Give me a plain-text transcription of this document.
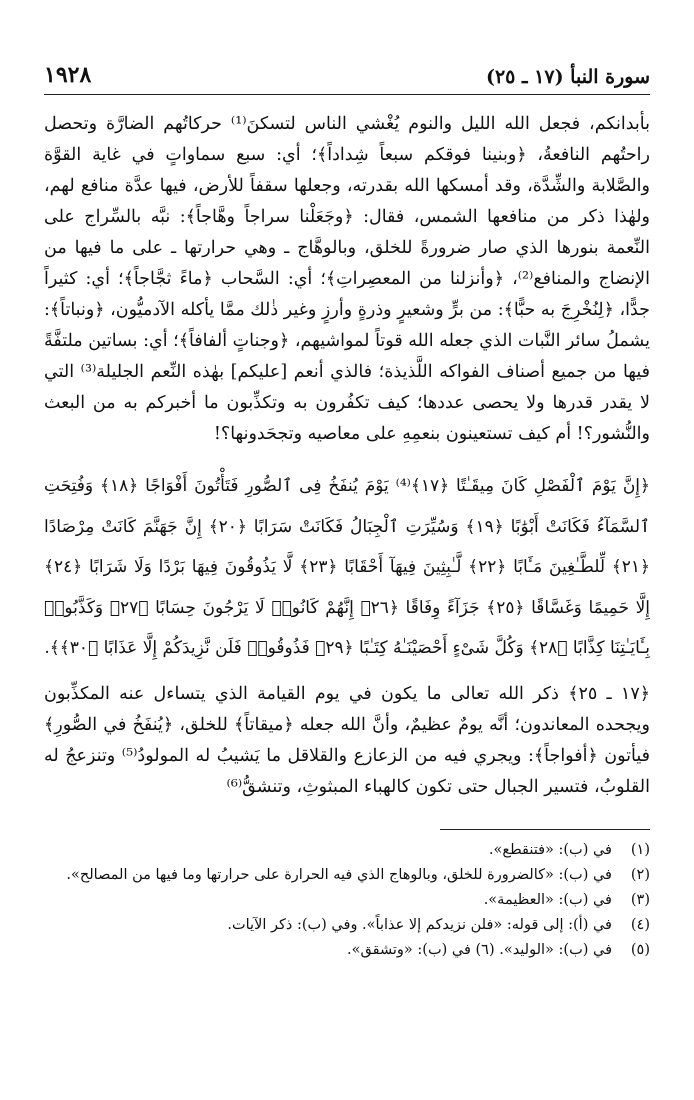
سورة النبأ (١٧ ـ ٢٥)
١٩٢٨

بأبدانكم، فجعل الله الليل والنوم يُغْشي الناس لتسكنَ⁽¹⁾ حركاتُهم الضارَّة وتحصل راحتُهم النافعةُ، ﴿وبنينا فوقكم سبعاً شِداداً﴾؛ أي: سبع سماواتٍ في غاية القوَّة والصَّلابة والشِّدَّة، وقد أمسكها الله بقدرته، وجعلها سقفاً للأرض، فيها عدَّة منافع لهم، ولهٰذا ذكر من منافعها الشمس، فقال: ﴿وجَعَلْنا سراجاً وهَّاجاً﴾: نبَّه بالسِّراج على النِّعمة بنورها الذي صار ضرورةً للخلق، وبالوهَّاج ـ وهي حرارتها ـ على ما فيها من الإنضاج والمنافع⁽²⁾، ﴿وأنزلنا من المعصِراتِ﴾؛ أي: السَّحاب ﴿ماءً ثجَّاجاً﴾؛ أي: كثيراً جدًّا، ﴿لِنُخْرِجَ به حبًّا﴾: من برٍّ وشعيرٍ وذرةٍ وأرزٍ وغير ذٰلك ممَّا يأكله الآدميُّون، ﴿ونباتاً﴾: يشملُ سائر النَّبات الذي جعله الله قوتاً لمواشيهم، ﴿وجناتٍ ألفافاً﴾؛ أي: بساتين ملتفَّةً فيها من جميع أصناف الفواكه اللَّذيذة؛ فالذي أنعم [عليكم] بهٰذه النِّعم الجليلة⁽³⁾ التي لا يقدر قدرها ولا يحصى عددها؛ كيف تكفُرون به وتكذِّبون ما أخبركم به من البعث والنُّشور؟! أم كيف تستعينون بنعمِهِ على معاصيه وتجحَدونها؟!

﴿إِنَّ يَوْمَ ٱلْفَصْلِ كَانَ مِيقَـٰتًا ﴿١٧﴾⁽⁴⁾ يَوْمَ يُنفَخُ فِى ٱلصُّورِ فَتَأْتُونَ أَفْوَاجًا ﴿١٨﴾ وَفُتِحَتِ ٱلسَّمَآءُ فَكَانَتْ أَبْوَٰبًا ﴿١٩﴾ وَسُيِّرَتِ ٱلْجِبَالُ فَكَانَتْ سَرَابًا ﴿٢٠﴾ إِنَّ جَهَنَّمَ كَانَتْ مِرْصَادًا ﴿٢١﴾ لِّلطَّـٰغِينَ مَـَٔابًا ﴿٢٢﴾ لَّـٰبِثِينَ فِيهَآ أَحْقَابًا ﴿٢٣﴾ لَّا يَذُوقُونَ فِيهَا بَرْدًا وَلَا شَرَابًا ﴿٢٤﴾ إِلَّا حَمِيمًا وَغَسَّاقًا ﴿٢٥﴾ جَزَآءً وِفَاقًا ﴿٢٦﴾ إِنَّهُمْ كَانُوا۟ لَا يَرْجُونَ حِسَابًا ﴿٢٧﴾ وَكَذَّبُوا۟ بِـَٔايَـٰتِنَا كِذَّابًا ﴿٢٨﴾ وَكُلَّ شَىْءٍ أَحْصَيْنَـٰهُ كِتَـٰبًا ﴿٢٩﴾ فَذُوقُوا۟ فَلَن نَّزِيدَكُمْ إِلَّا عَذَابًا ﴿٣٠﴾﴾.

﴿١٧ ـ ٢٥﴾ ذكر الله تعالى ما يكون في يوم القيامة الذي يتساءل عنه المكذِّبون ويجحده المعاندون؛ أنَّه يومٌ عظيمٌ، وأنَّ الله جعله ﴿ميقاتاً﴾ للخلق، ﴿يُنفَخُ في الصُّورِ﴾ فيأتون ﴿أفواجاً﴾: ويجري فيه من الزعازع والقلاقل ما يَشيبُ له المولودُ⁽⁵⁾ وتنزعجُ له القلوبُ، فتسير الجبال حتى تكون كالهباء المبثوثِ، وتنشقُّ⁽⁶⁾

(١)
في (ب): «فتنقطع».
(٢)
في (ب): «كالضرورة للخلق، وبالوهاج الذي فيه الحرارة على حرارتها وما فيها من المصالح».
(٣)
في (ب): «العظيمة».
(٤)
في (أ): إلى قوله: «فلن نزيدكم إلا عذاباً». وفي (ب): ذكر الآيات.
(٥)
في (ب): «الوليد». (٦) في (ب): «وتشقق».
